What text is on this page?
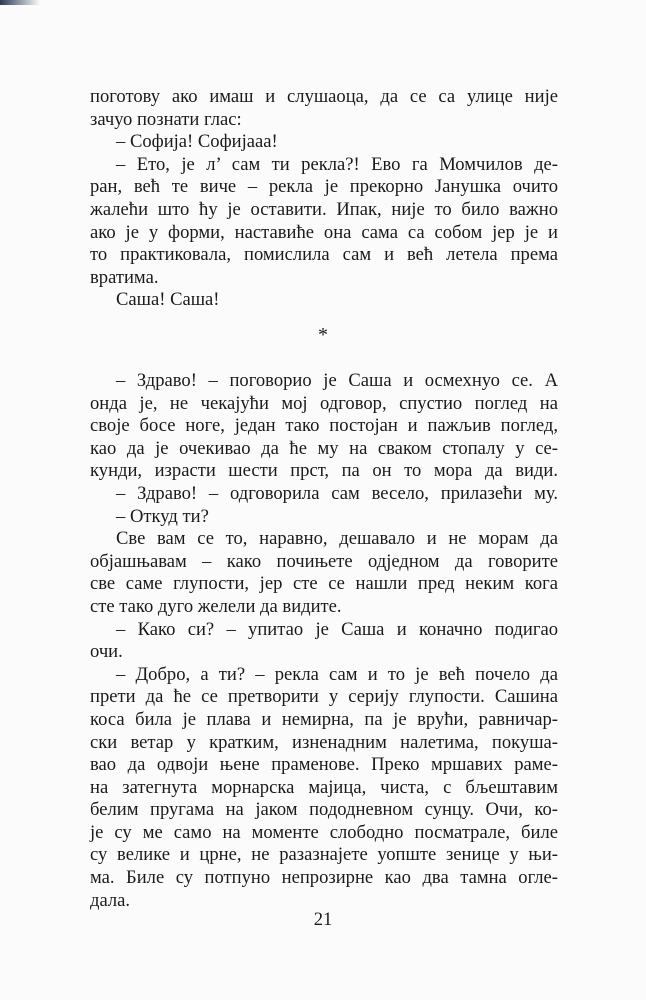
поготову ако имаш и слушаоца, да се са улице није
зачуо познати глас:
– Софија! Софијааа!
– Ето, је л’ сам ти рекла?! Ево га Момчилов де-
ран, већ те виче – рекла је прекорно Јанушка очито
жалећи што ћу је оставити. Ипак, није то било важно
ако је у форми, наставиће она сама са собом јер је и
то практиковала, помислила сам и већ летела према
вратима.
Саша! Саша!
*
– Здраво! – поговорио је Саша и осмехнуо се. А
онда је, не чекајући мој одговор, спустио поглед на
своје босе ноге, један тако постојан и пажљив поглед,
као да је очекивао да ће му на сваком стопалу у се-
кунди, израсти шести прст, па он то мора да види.
– Здраво! – одговорила сам весело, прилазећи му.
– Откуд ти?
Све вам се то, наравно, дешавало и не морам да
објашњавам – како почињете одједном да говорите
све саме глупости, јер сте се нашли пред неким кога
сте тако дуго желели да видите.
– Како си? – упитао је Саша и коначно подигао
очи.
– Добро, а ти? – рекла сам и то је већ почело да
прети да ће се претворити у серију глупости. Сашина
коса била је плава и немирна, па је врући, равничар-
ски ветар у кратким, изненадним налетима, покуша-
вао да одвоји њене праменове. Преко мршавих раме-
на затегнута морнарска мајица, чиста, с бљештавим
белим пругама на јаком пододневном сунцу. Очи, ко-
је су ме само на моменте слободно посматрале, биле
су велике и црне, не разазнајете уопште зенице у њи-
ма. Биле су потпуно непрозирне као два тамна огле-
дала.
21
